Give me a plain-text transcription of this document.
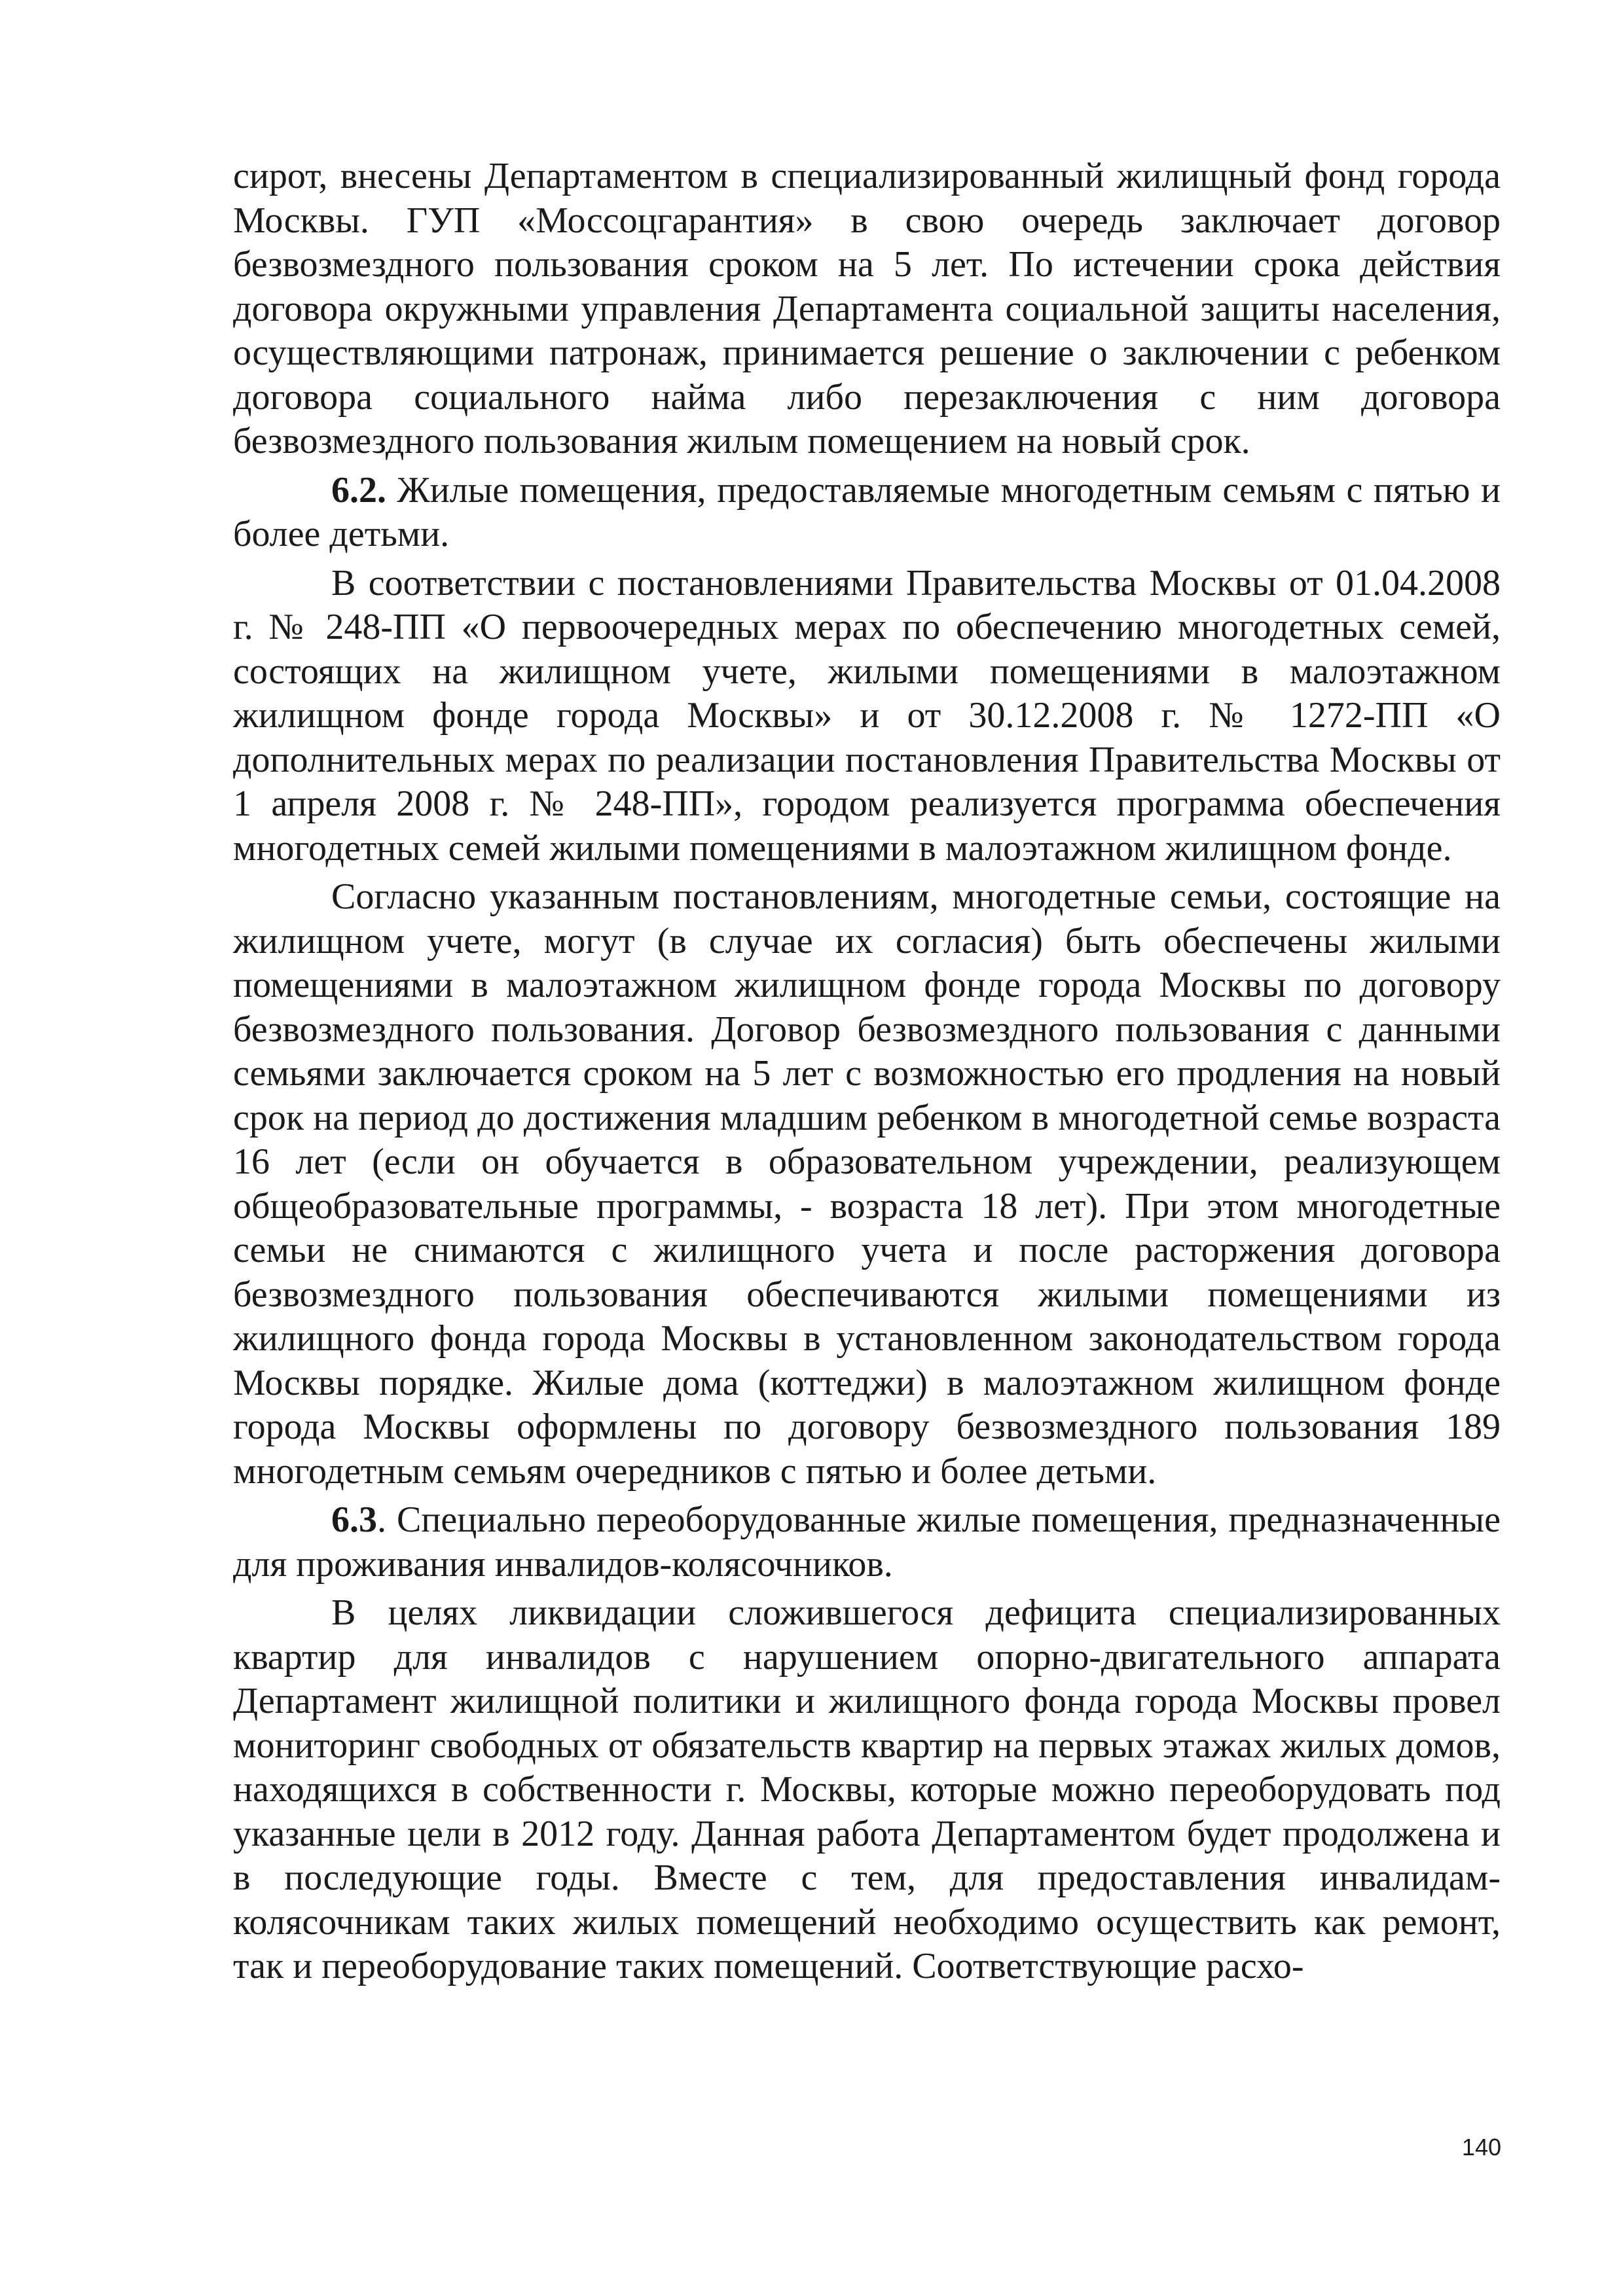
сирот, внесены Департаментом в специализированный жилищный фонд города Москвы. ГУП «Моссоцгарантия» в свою очередь заключает договор безвозмездного пользования сроком на 5 лет. По истечении срока действия договора окружными управления Департамента социальной защиты населения, осуществляющими патронаж, принимается решение о заключении с ребенком договора социального найма либо перезаключения с ним договора безвозмездного пользования жилым помещением на новый срок.

6.2. Жилые помещения, предоставляемые многодетным семьям с пятью и более детьми.

В соответствии с постановлениями Правительства Москвы от 01.04.2008 г. № 248-ПП «О первоочередных мерах по обеспечению многодетных семей, состоящих на жилищном учете, жилыми помещениями в малоэтажном жилищном фонде города Москвы» и от 30.12.2008 г. № 1272-ПП «О дополнительных мерах по реализации постановления Правительства Москвы от 1 апреля 2008 г. № 248-ПП», городом реализуется программа обеспечения многодетных семей жилыми помещениями в малоэтажном жилищном фонде.

Согласно указанным постановлениям, многодетные семьи, состоящие на жилищном учете, могут (в случае их согласия) быть обеспечены жилыми помещениями в малоэтажном жилищном фонде города Москвы по договору безвозмездного пользования. Договор безвозмездного пользования с данными семьями заключается сроком на 5 лет с возможностью его продления на новый срок на период до достижения младшим ребенком в многодетной семье возраста 16 лет (если он обучается в образовательном учреждении, реализующем общеобразовательные программы, - возраста 18 лет). При этом многодетные семьи не снимаются с жилищного учета и после расторжения договора безвозмездного пользования обеспечиваются жилыми помещениями из жилищного фонда города Москвы в установленном законодательством города Москвы порядке. Жилые дома (коттеджи) в малоэтажном жилищном фонде города Москвы оформлены по договору безвозмездного пользования 189 многодетным семьям очередников с пятью и более детьми.

6.3. Специально переоборудованные жилые помещения, предназначенные для проживания инвалидов-колясочников.

В целях ликвидации сложившегося дефицита специализированных квартир для инвалидов с нарушением опорно-двигательного аппарата Департамент жилищной политики и жилищного фонда города Москвы провел мониторинг свободных от обязательств квартир на первых этажах жилых домов, находящихся в собственности г. Москвы, которые можно переоборудовать под указанные цели в 2012 году. Данная работа Департаментом будет продолжена и в последующие годы. Вместе с тем, для предоставления инвалидам-колясочникам таких жилых помещений необходимо осуществить как ремонт, так и переоборудование таких помещений. Соответствующие расхо-

140
